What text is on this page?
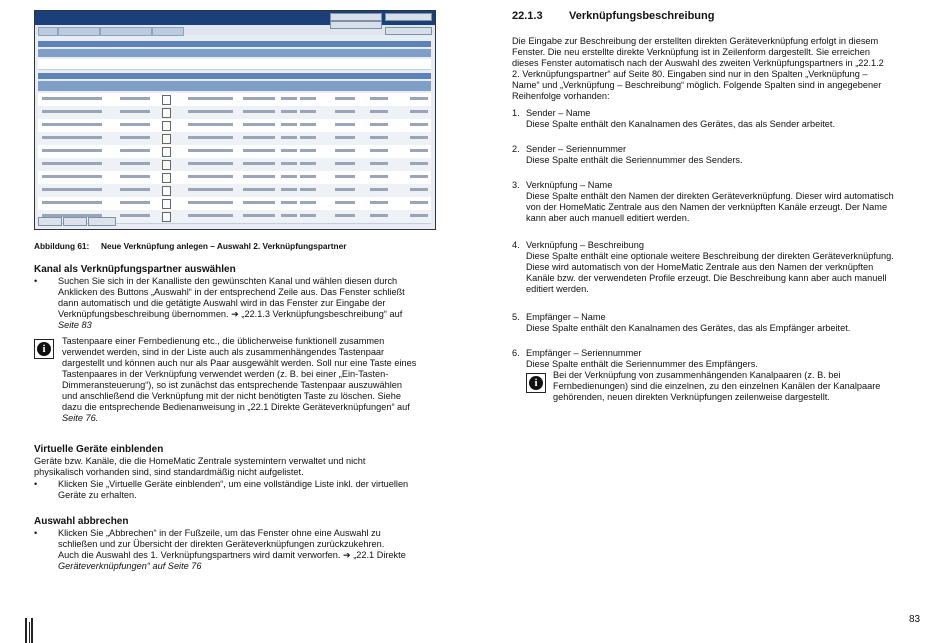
Abbildung 61: Neue Verknüpfung anlegen – Auswahl 2. Verknüpfungspartner
Kanal als Verknüpfungspartner auswählen
• Suchen Sie sich in der Kanalliste den gewünschten Kanal und wählen diesen durch
Anklicken des Buttons „Auswahl“ in der entsprechend Zeile aus. Das Fenster schließt
dann automatisch und die getätigte Auswahl wird in das Fenster zur Eingabe der
Verknüpfungsbeschreibung übernommen. ➔ „22.1.3 Verknüpfungsbeschreibung“ auf
Seite 83
i
Tastenpaare einer Fernbedienung etc., die üblicherweise funktionell zusammen
verwendet werden, sind in der Liste auch als zusammenhängendes Tastenpaar
dargestellt und können auch nur als Paar ausgewählt werden. Soll nur eine Taste eines
Tastenpaares in der Verknüpfung verwendet werden (z. B. bei einer „Ein-Tasten-
Dimmeransteuerung“), so ist zunächst das entsprechende Tastenpaar auszuwählen
und anschließend die Verknüpfung mit der nicht benötigten Taste zu löschen. Siehe
dazu die entsprechende Bedienanweisung in „22.1 Direkte Geräteverknüpfungen“ auf
Seite 76.
Virtuelle Geräte einblenden
Geräte bzw. Kanäle, die die HomeMatic Zentrale systemintern verwaltet und nicht
physikalisch vorhanden sind, sind standardmäßig nicht aufgelistet.
• Klicken Sie „Virtuelle Geräte einblenden“, um eine vollständige Liste inkl. der virtuellen
Geräte zu erhalten.
Auswahl abbrechen
• Klicken Sie „Abbrechen“ in der Fußzeile, um das Fenster ohne eine Auswahl zu
schließen und zur Übersicht der direkten Geräteverknüpfungen zurückzukehren.
Auch die Auswahl des 1. Verknüpfungspartners wird damit verworfen. ➔ „22.1 Direkte
Geräteverknüpfungen“ auf Seite 76
22.1.3 Verknüpfungsbeschreibung
Die Eingabe zur Beschreibung der erstellten direkten Geräteverknüpfung erfolgt in diesem
Fenster. Die neu erstellte direkte Verknüpfung ist in Zeilenform dargestellt. Sie erreichen
dieses Fenster automatisch nach der Auswahl des zweiten Verknüpfungspartners in „22.1.2
2. Verknüpfungspartner“ auf Seite 80. Eingaben sind nur in den Spalten „Verknüpfung –
Name“ und „Verknüpfung – Beschreibung“ möglich. Folgende Spalten sind in angegebener
Reihenfolge vorhanden:
1. Sender – Name
Diese Spalte enthält den Kanalnamen des Gerätes, das als Sender arbeitet.
2. Sender – Seriennummer
Diese Spalte enthält die Seriennummer des Senders.
3. Verknüpfung – Name
Diese Spalte enthält den Namen der direkten Geräteverknüpfung. Dieser wird automatisch
von der HomeMatic Zentrale aus den Namen der verknüpften Kanäle erzeugt. Der Name
kann aber auch manuell editiert werden.
4. Verknüpfung – Beschreibung
Diese Spalte enthält eine optionale weitere Beschreibung der direkten Geräteverknüpfung.
Diese wird automatisch von der HomeMatic Zentrale aus den Namen der verknüpften
Kanäle bzw. der verwendeten Profile erzeugt. Die Beschreibung kann aber auch manuell
editiert werden.
5. Empfänger – Name
Diese Spalte enthält den Kanalnamen des Gerätes, das als Empfänger arbeitet.
6. Empfänger – Seriennummer
Diese Spalte enthält die Seriennummer des Empfängers.
i
Bei der Verknüpfung von zusammenhängenden Kanalpaaren (z. B. bei
Fernbedienungen) sind die einzelnen, zu den einzelnen Kanälen der Kanalpaare
gehörenden, neuen direkten Verknüpfungen zeilenweise dargestellt.
83
